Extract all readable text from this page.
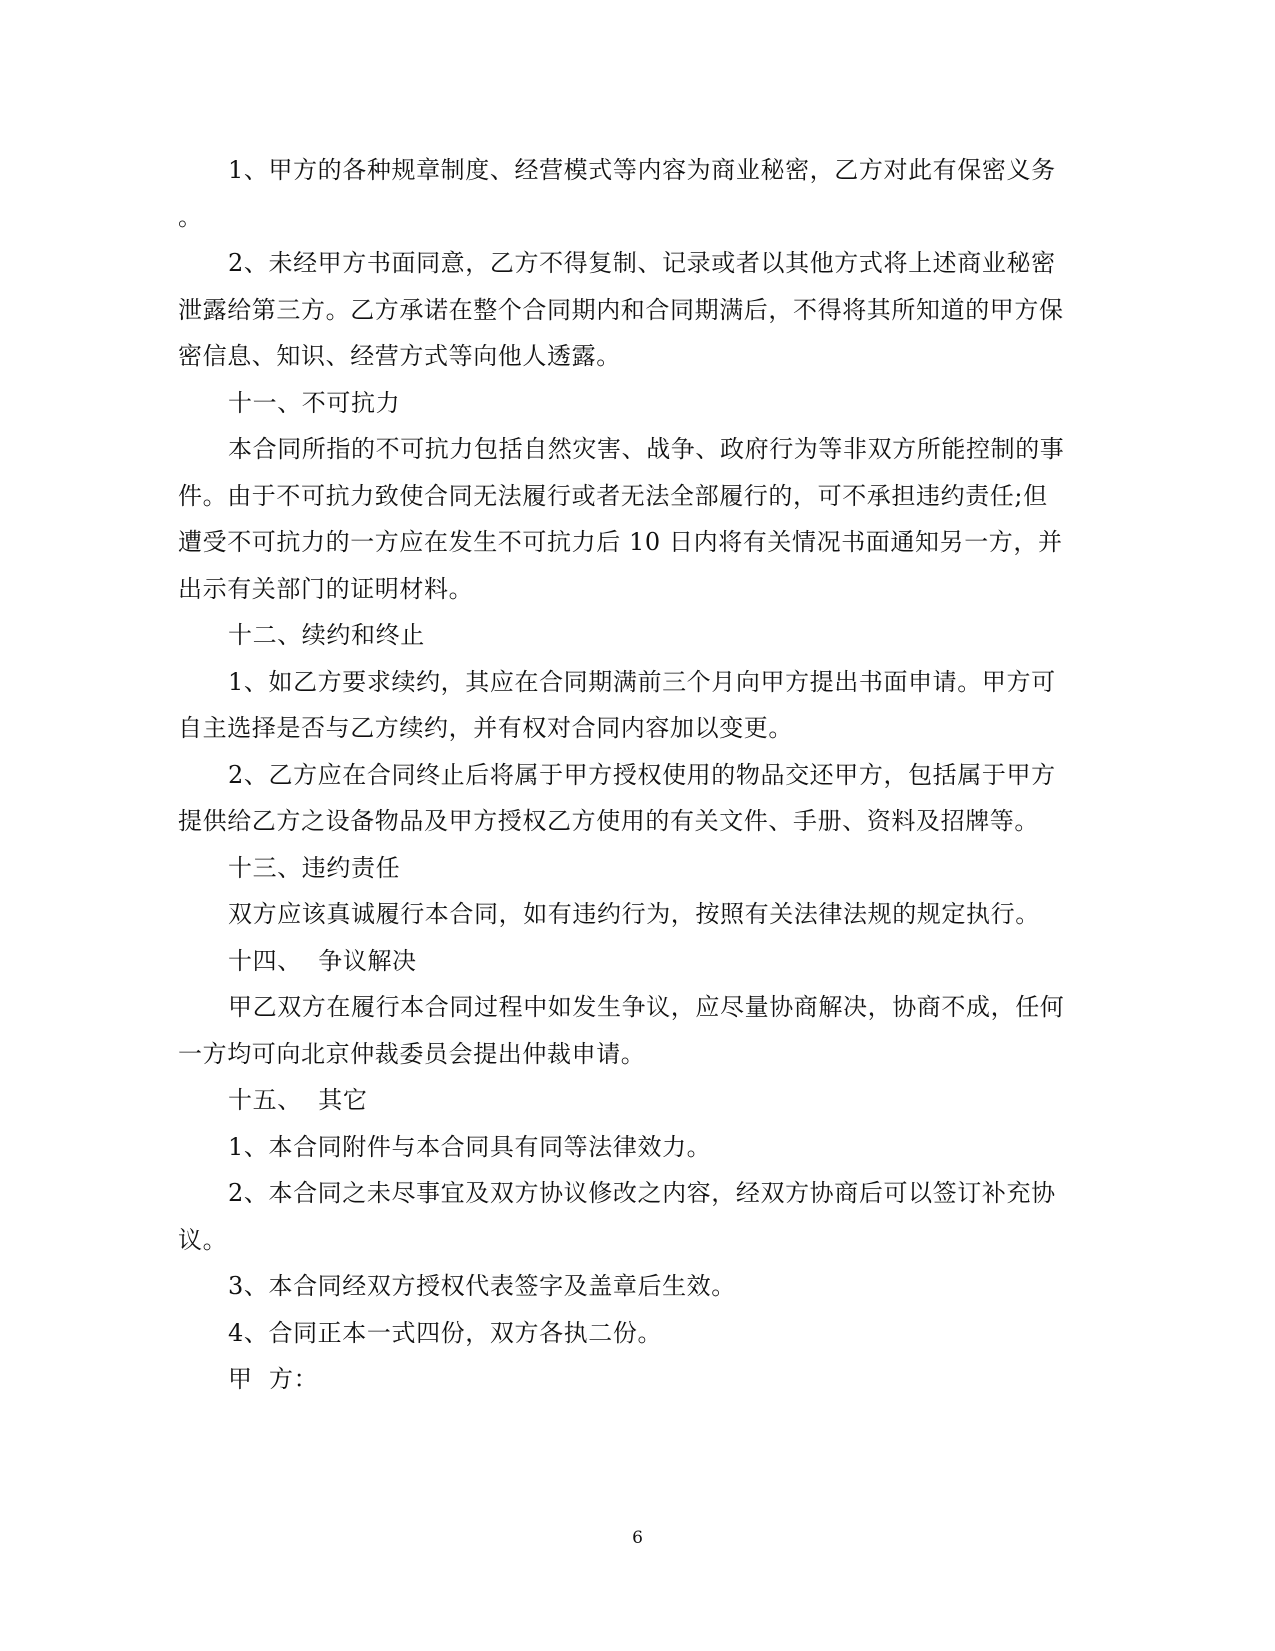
1、甲方的各种规章制度、经营模式等内容为商业秘密，乙方对此有保密义务
。
2、未经甲方书面同意，乙方不得复制、记录或者以其他方式将上述商业秘密
泄露给第三方。乙方承诺在整个合同期内和合同期满后，不得将其所知道的甲方保
密信息、知识、经营方式等向他人透露。
十一、不可抗力
本合同所指的不可抗力包括自然灾害、战争、政府行为等非双方所能控制的事
件。由于不可抗力致使合同无法履行或者无法全部履行的，可不承担违约责任;但
遭受不可抗力的一方应在发生不可抗力后 10 日内将有关情况书面通知另一方，并
出示有关部门的证明材料。
十二、续约和终止
1、如乙方要求续约，其应在合同期满前三个月向甲方提出书面申请。甲方可
自主选择是否与乙方续约，并有权对合同内容加以变更。
2、乙方应在合同终止后将属于甲方授权使用的物品交还甲方，包括属于甲方
提供给乙方之设备物品及甲方授权乙方使用的有关文件、手册、资料及招牌等。
十三、违约责任
双方应该真诚履行本合同，如有违约行为，按照有关法律法规的规定执行。
十四、  争议解决
甲乙双方在履行本合同过程中如发生争议，应尽量协商解决，协商不成，任何
一方均可向北京仲裁委员会提出仲裁申请。
十五、  其它
1、本合同附件与本合同具有同等法律效力。
2、本合同之未尽事宜及双方协议修改之内容，经双方协商后可以签订补充协
议。
3、本合同经双方授权代表签字及盖章后生效。
4、合同正本一式四份，双方各执二份。
甲  方：
6
